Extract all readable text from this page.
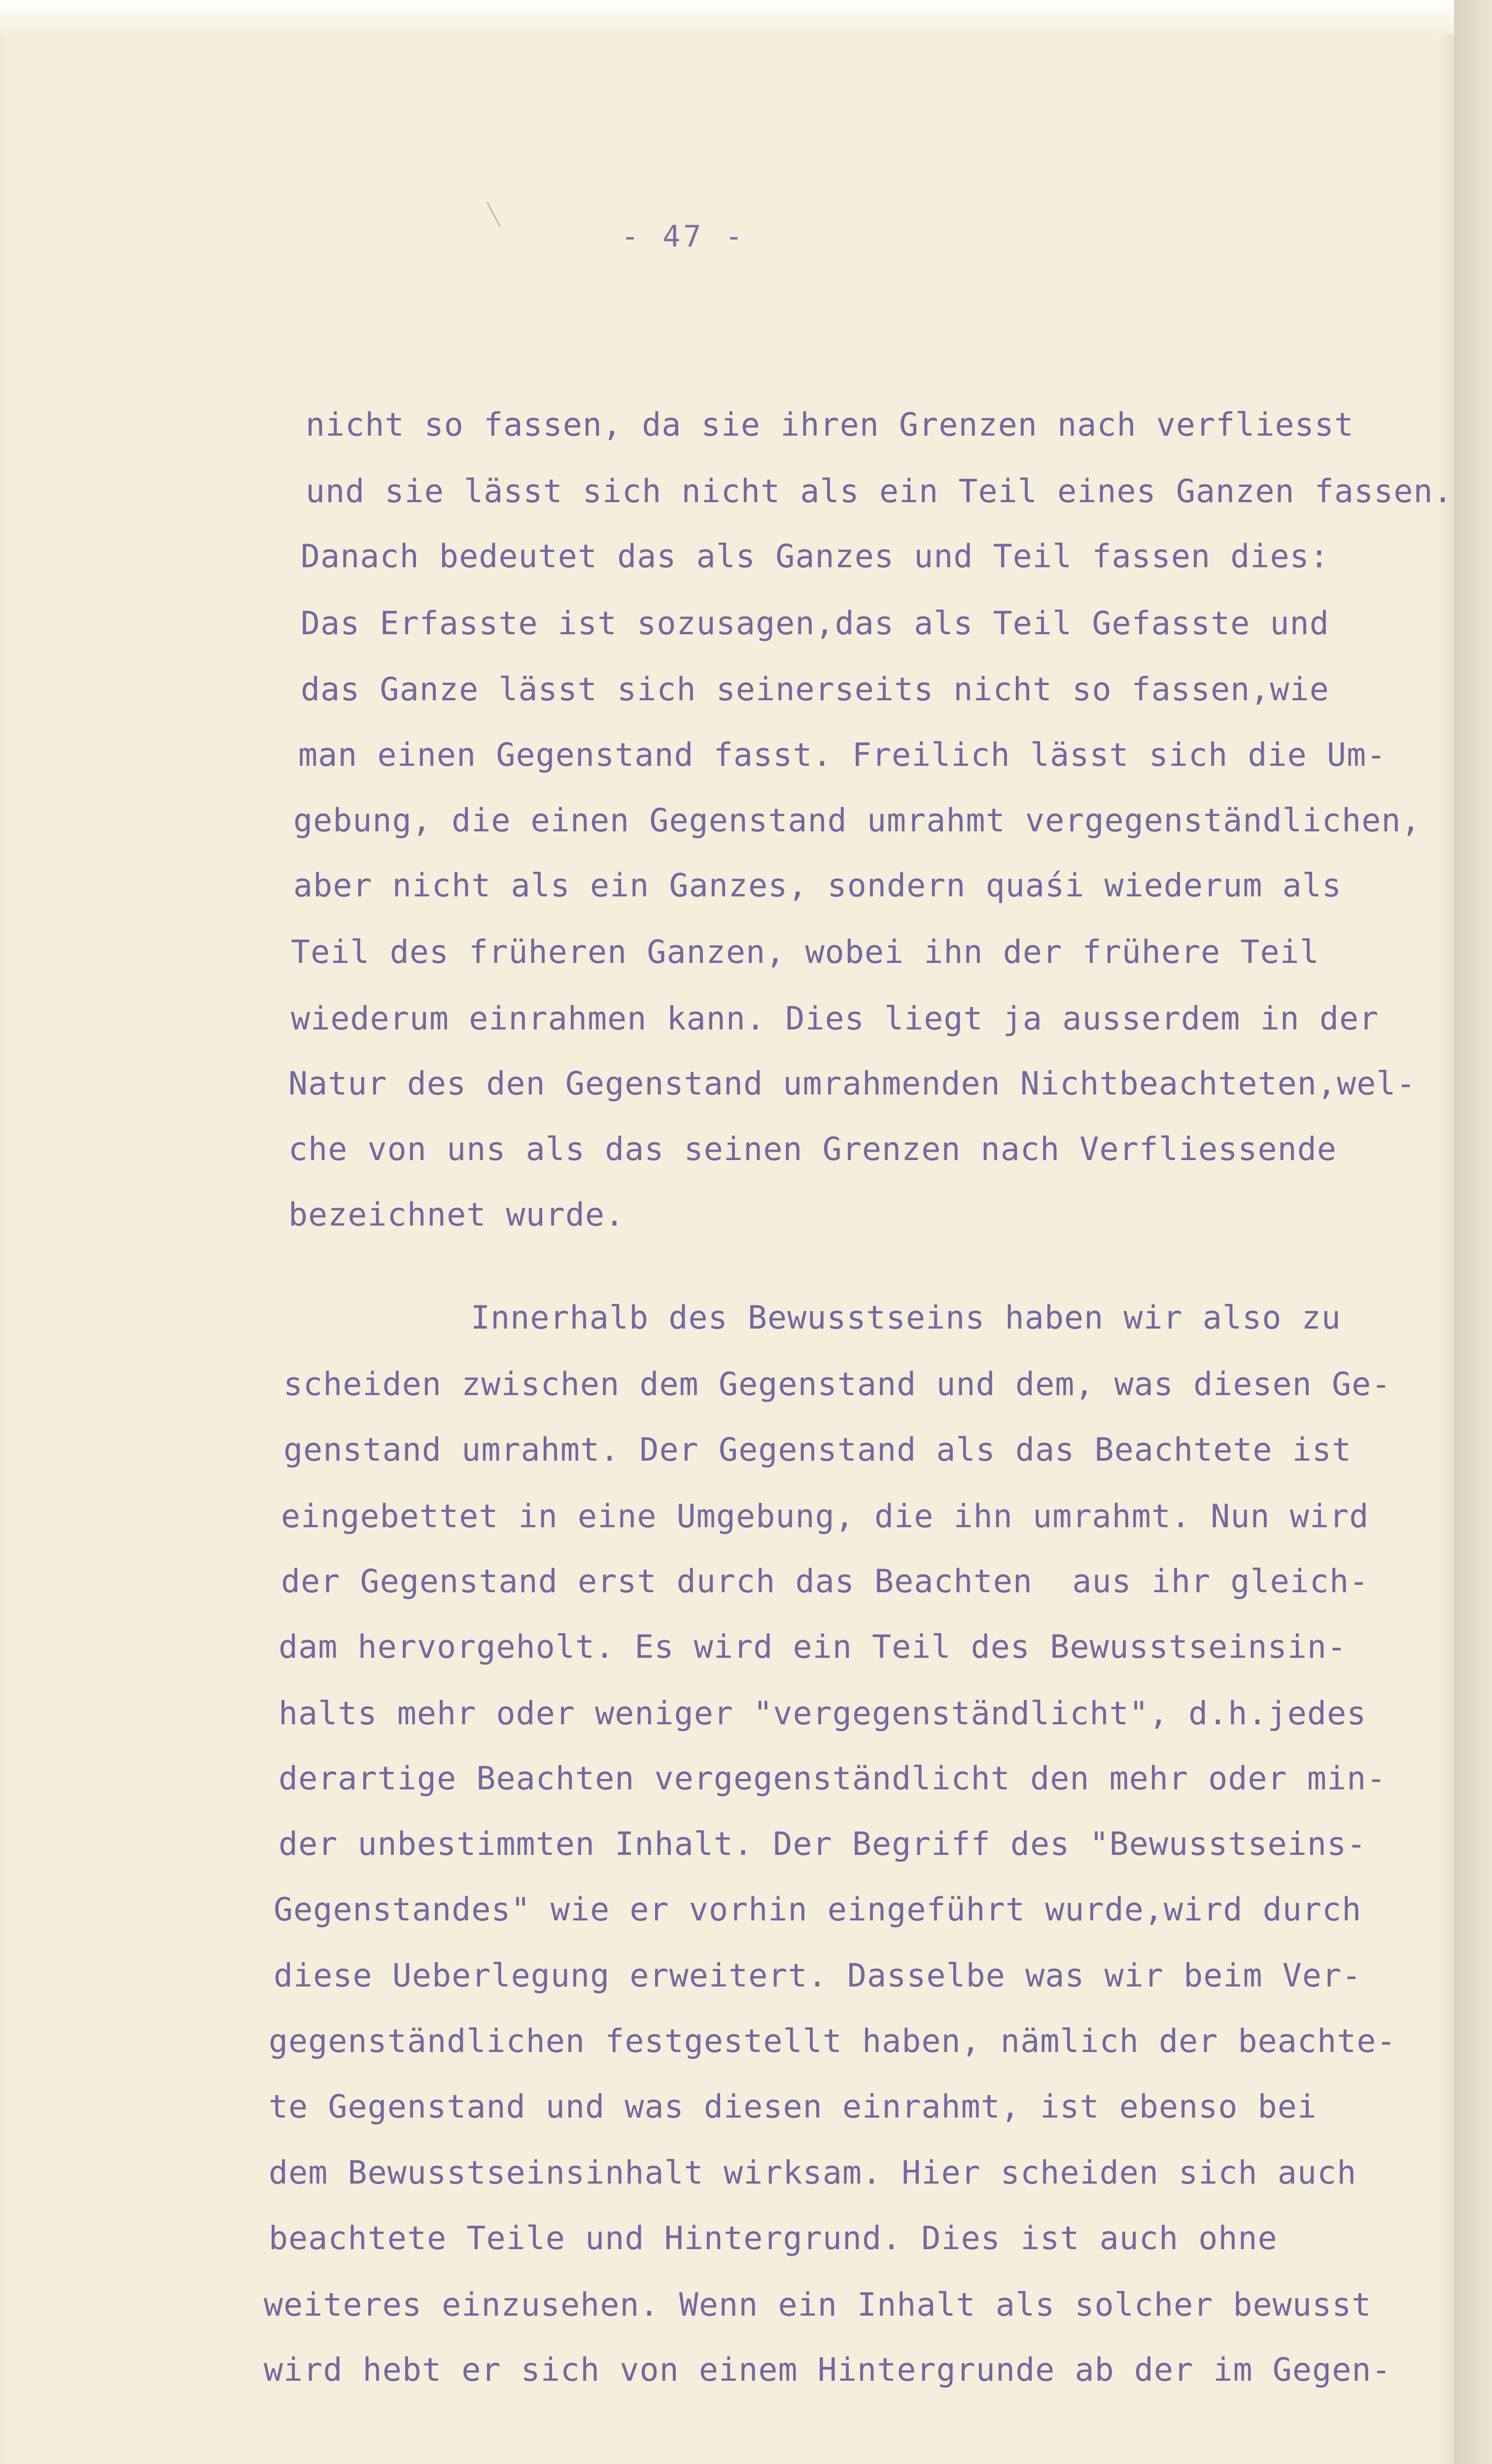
- 47 -
nicht so fassen, da sie ihren Grenzen nach verfliesst
und sie lässt sich nicht als ein Teil eines Ganzen fassen.
Danach bedeutet das als Ganzes und Teil fassen dies:
Das Erfasste ist sozusagen,das als Teil Gefasste und
das Ganze lässt sich seinerseits nicht so fassen,wie
man einen Gegenstand fasst. Freilich lässt sich die Um-
gebung, die einen Gegenstand umrahmt vergegenständlichen,
aber nicht als ein Ganzes, sondern quaśi wiederum als
Teil des früheren Ganzen, wobei ihn der frühere Teil
wiederum einrahmen kann. Dies liegt ja ausserdem in der
Natur des den Gegenstand umrahmenden Nichtbeachteten,wel-
che von uns als das seinen Grenzen nach Verfliessende
bezeichnet wurde.
Innerhalb des Bewusstseins haben wir also zu
scheiden zwischen dem Gegenstand und dem, was diesen Ge-
genstand umrahmt. Der Gegenstand als das Beachtete ist
eingebettet in eine Umgebung, die ihn umrahmt. Nun wird
der Gegenstand erst durch das Beachten  aus ihr gleich-
dam hervorgeholt. Es wird ein Teil des Bewusstseinsin-
halts mehr oder weniger "vergegenständlicht", d.h.jedes
derartige Beachten vergegenständlicht den mehr oder min-
der unbestimmten Inhalt. Der Begriff des "Bewusstseins-
Gegenstandes" wie er vorhin eingeführt wurde,wird durch
diese Ueberlegung erweitert. Dasselbe was wir beim Ver-
gegenständlichen festgestellt haben, nämlich der beachte-
te Gegenstand und was diesen einrahmt, ist ebenso bei
dem Bewusstseinsinhalt wirksam. Hier scheiden sich auch
beachtete Teile und Hintergrund. Dies ist auch ohne
weiteres einzusehen. Wenn ein Inhalt als solcher bewusst
wird hebt er sich von einem Hintergrunde ab der im Gegen-
